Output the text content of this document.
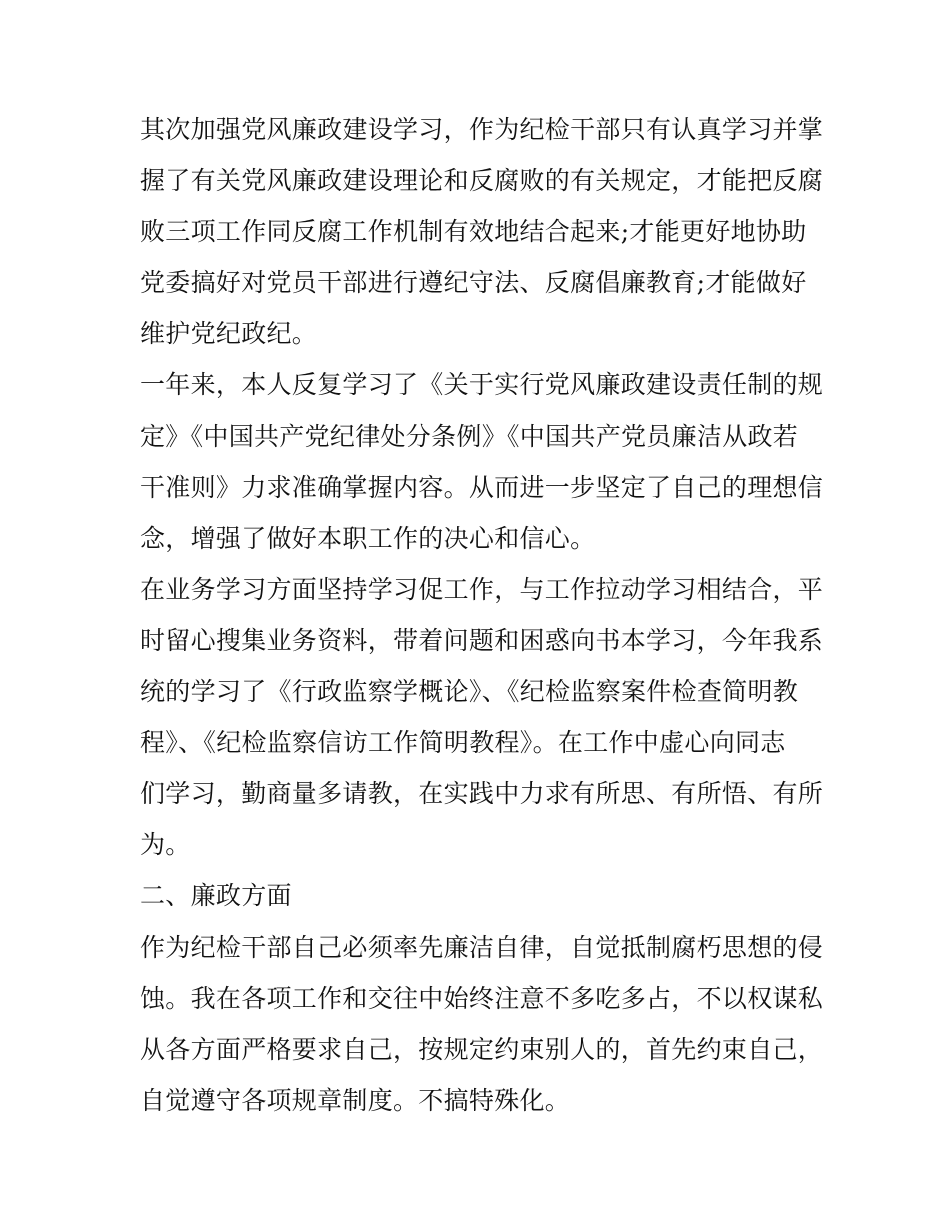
其次加强党风廉政建设学习，作为纪检干部只有认真学习并掌
握了有关党风廉政建设理论和反腐败的有关规定，才能把反腐
败三项工作同反腐工作机制有效地结合起来;才能更好地协助
党委搞好对党员干部进行遵纪守法、反腐倡廉教育;才能做好
维护党纪政纪。
一年来，本人反复学习了《关于实行党风廉政建设责任制的规
定》《中国共产党纪律处分条例》《中国共产党员廉洁从政若
干准则》力求准确掌握内容。从而进一步坚定了自己的理想信
念，增强了做好本职工作的决心和信心。
在业务学习方面坚持学习促工作，与工作拉动学习相结合，平
时留心搜集业务资料，带着问题和困惑向书本学习，今年我系
统的学习了《行政监察学概论》、《纪检监察案件检查简明教
程》、《纪检监察信访工作简明教程》。在工作中虚心向同志
们学习，勤商量多请教，在实践中力求有所思、有所悟、有所
为。
二、廉政方面
作为纪检干部自己必须率先廉洁自律，自觉抵制腐朽思想的侵
蚀。我在各项工作和交往中始终注意不多吃多占，不以权谋私
从各方面严格要求自己，按规定约束别人的，首先约束自己，
自觉遵守各项规章制度。不搞特殊化。
